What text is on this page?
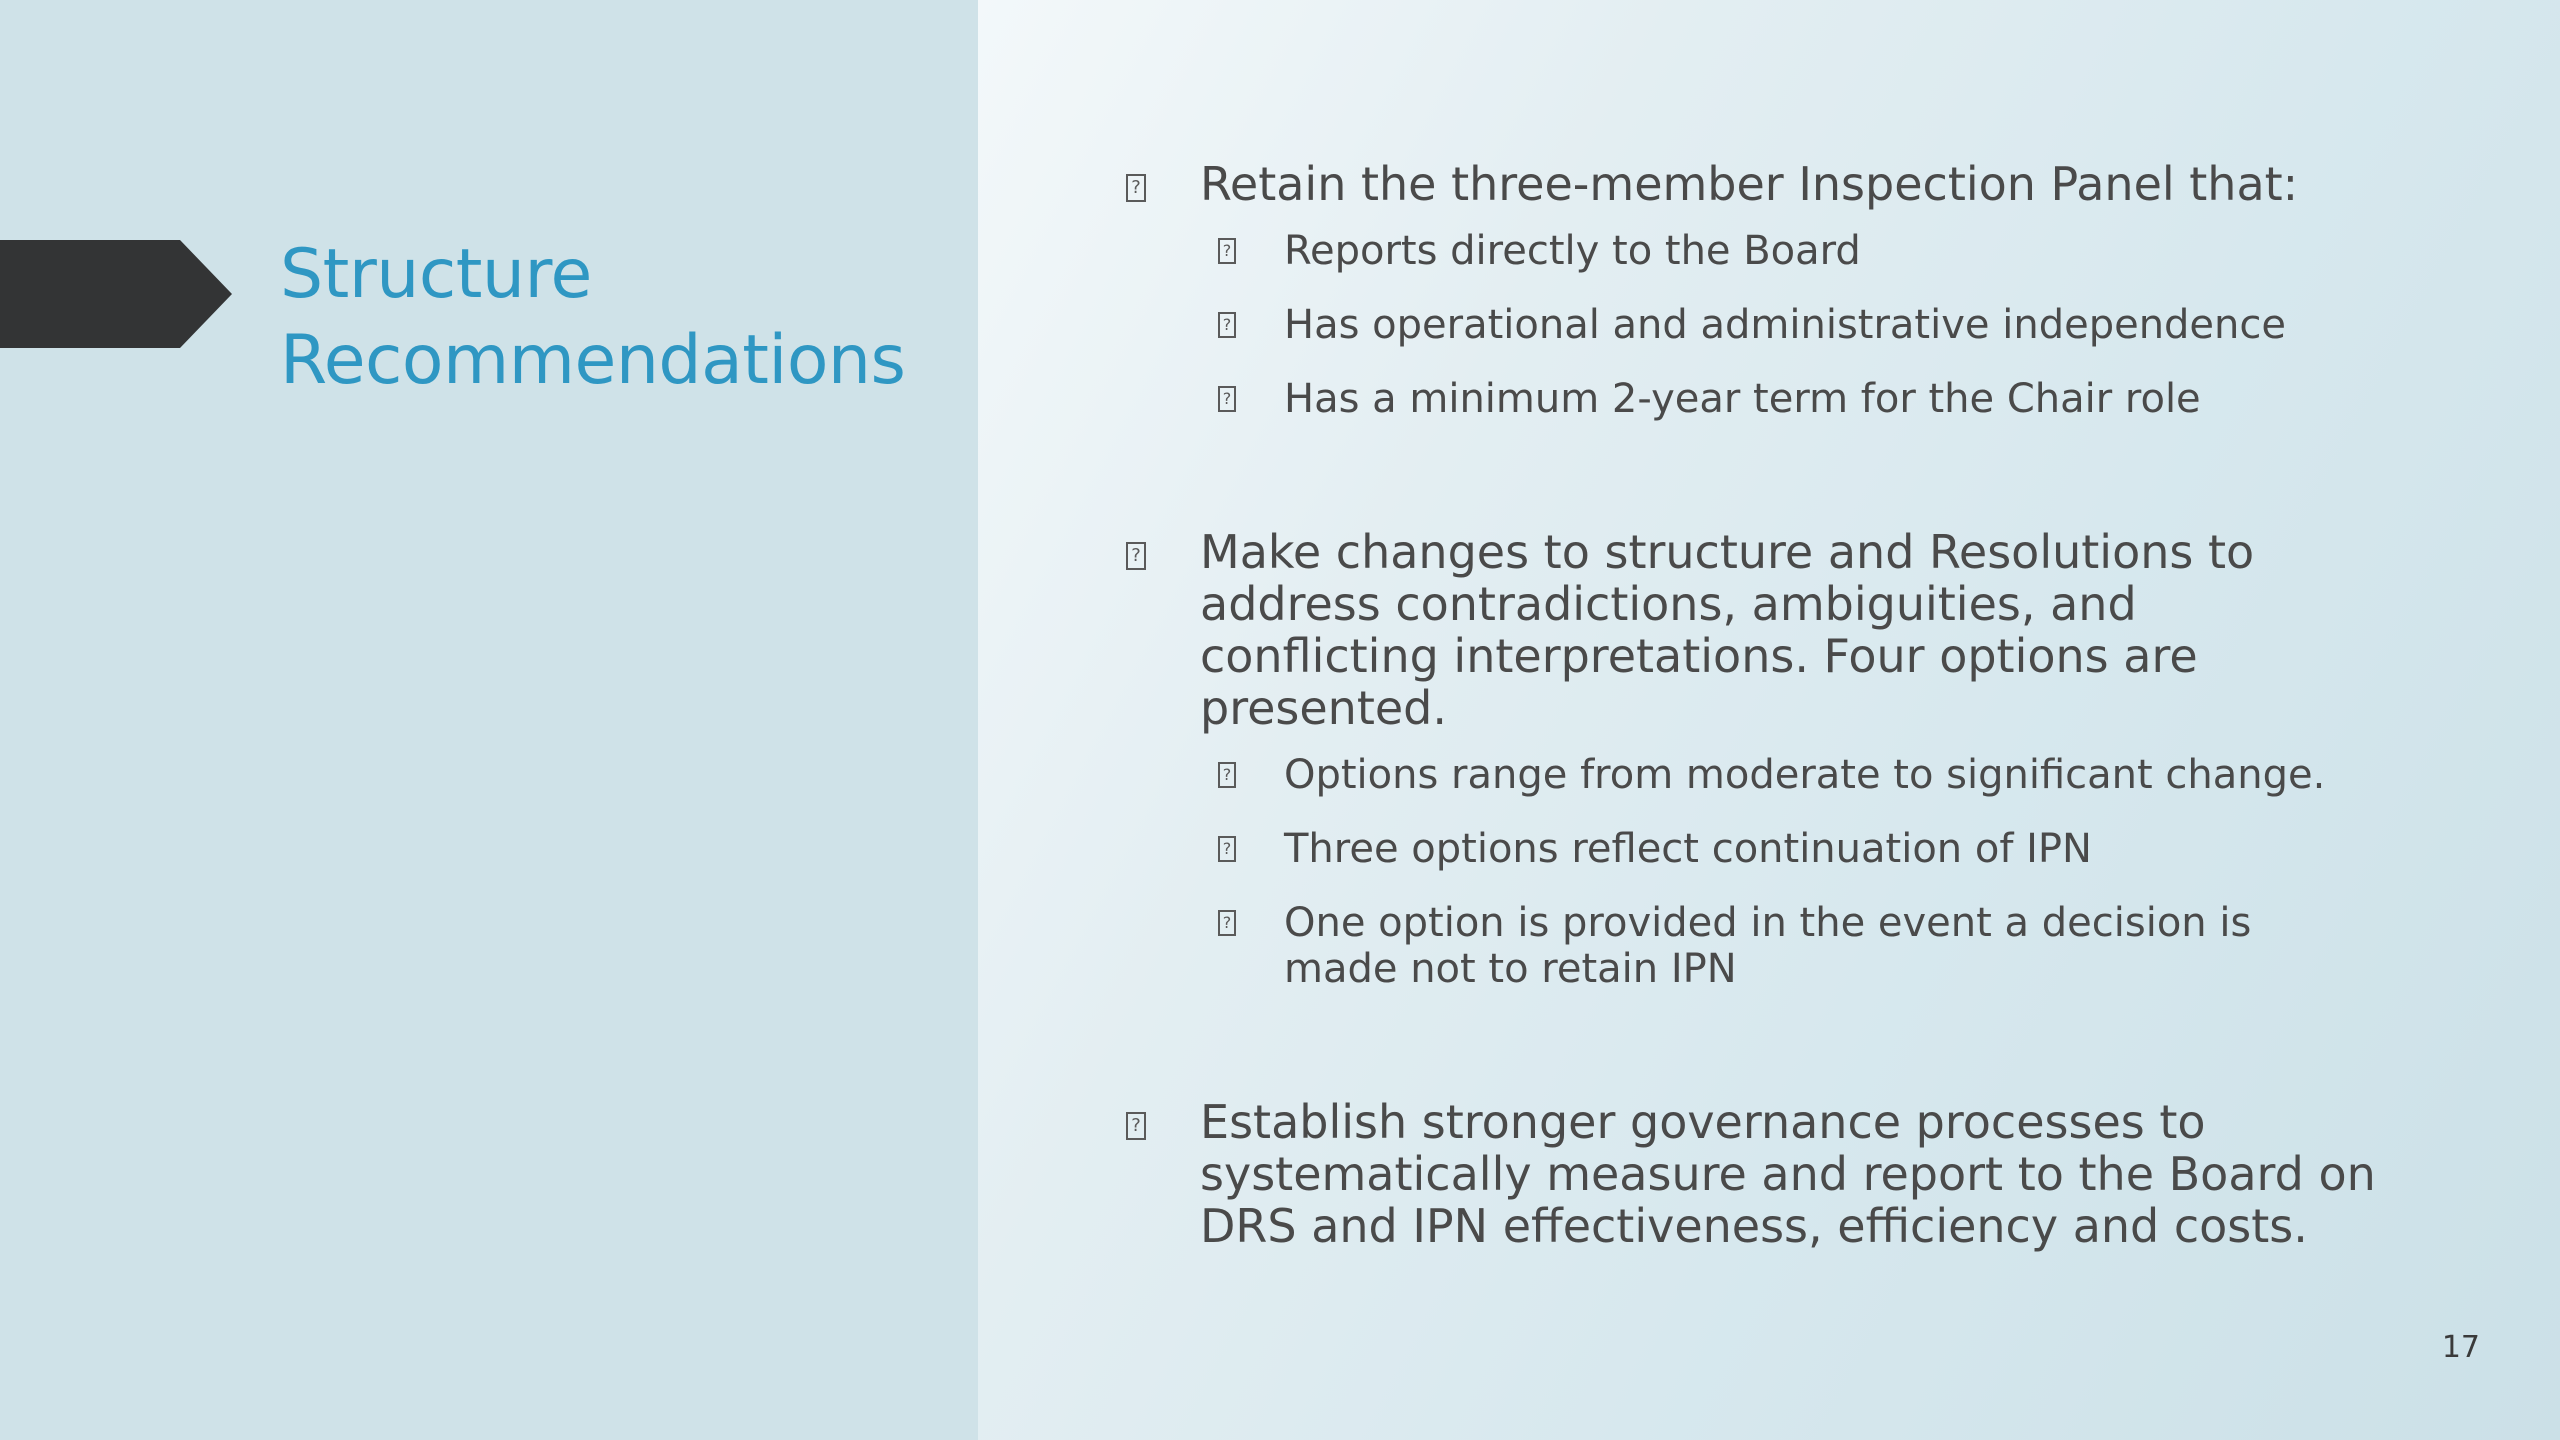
Structure
Recommendations
? Retain the three-member Inspection Panel that:
? Reports directly to the Board
? Has operational and administrative independence
? Has a minimum 2-year term for the Chair role
? Make changes to structure and Resolutions to
address contradictions, ambiguities, and
conflicting interpretations. Four options are
presented.
? Options range from moderate to significant change.
? Three options reflect continuation of IPN
? One option is provided in the event a decision is
made not to retain IPN
? Establish stronger governance processes to
systematically measure and report to the Board on
DRS and IPN effectiveness, efficiency and costs.
17
